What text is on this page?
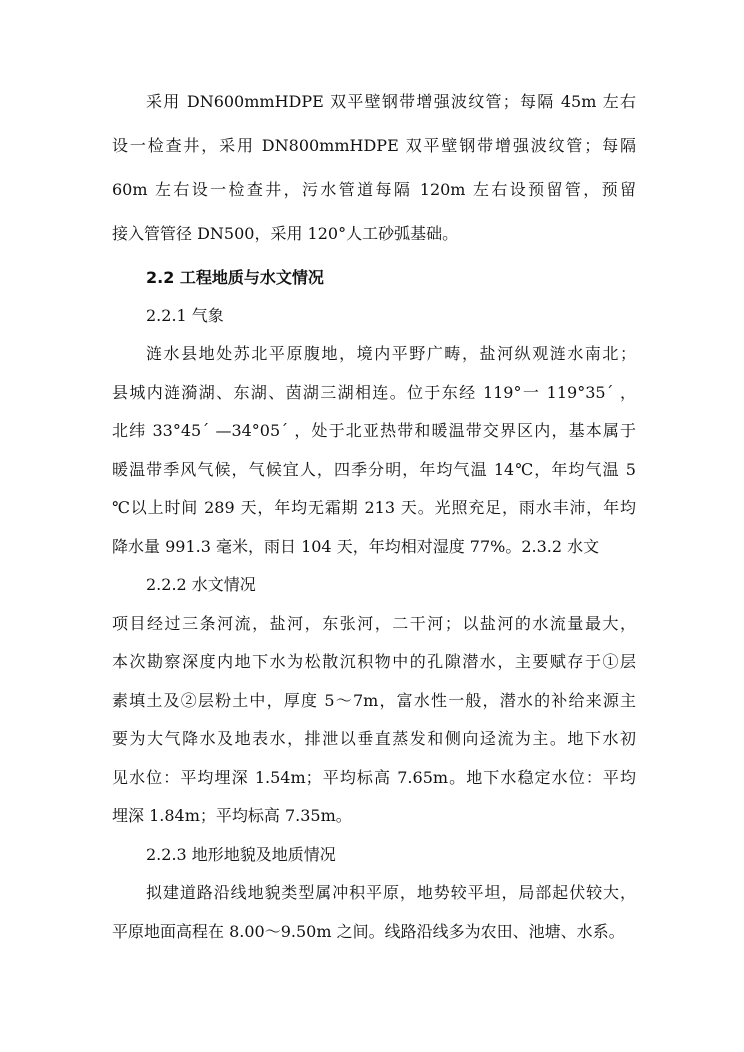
采用 DN600mmHDPE 双平壁钢带增强波纹管；每隔 45m 左右
设一检查井，采用 DN800mmHDPE 双平壁钢带增强波纹管；每隔
60m 左右设一检查井，污水管道每隔 120m 左右设预留管，预留
接入管管径 DN500，采用 120°人工砂弧基础。
2.2 工程地质与水文情况
2.2.1 气象
涟水县地处苏北平原腹地，境内平野广畴，盐河纵观涟水南北；
县城内涟漪湖、东湖、茵湖三湖相连。位于东经 119°一 119°35´ ，
北纬 33°45´ —34°05´ ，处于北亚热带和暖温带交界区内，基本属于
暖温带季风气候，气候宜人，四季分明，年均气温 14℃，年均气温 5
℃以上时间 289 天，年均无霜期 213 天。光照充足，雨水丰沛，年均
降水量 991.3 毫米，雨日 104 天，年均相对湿度 77%。2.3.2 水文
2.2.2 水文情况
项目经过三条河流，盐河，东张河，二干河；以盐河的水流量最大，
本次勘察深度内地下水为松散沉积物中的孔隙潜水，主要赋存于①层
素填土及②层粉土中，厚度 5～7m，富水性一般，潜水的补给来源主
要为大气降水及地表水，排泄以垂直蒸发和侧向迳流为主。地下水初
见水位：平均埋深 1.54m；平均标高 7.65m。地下水稳定水位：平均
埋深 1.84m；平均标高 7.35m。
2.2.3 地形地貌及地质情况
拟建道路沿线地貌类型属冲积平原，地势较平坦，局部起伏较大，
平原地面高程在 8.00～9.50m 之间。线路沿线多为农田、池塘、水系。
